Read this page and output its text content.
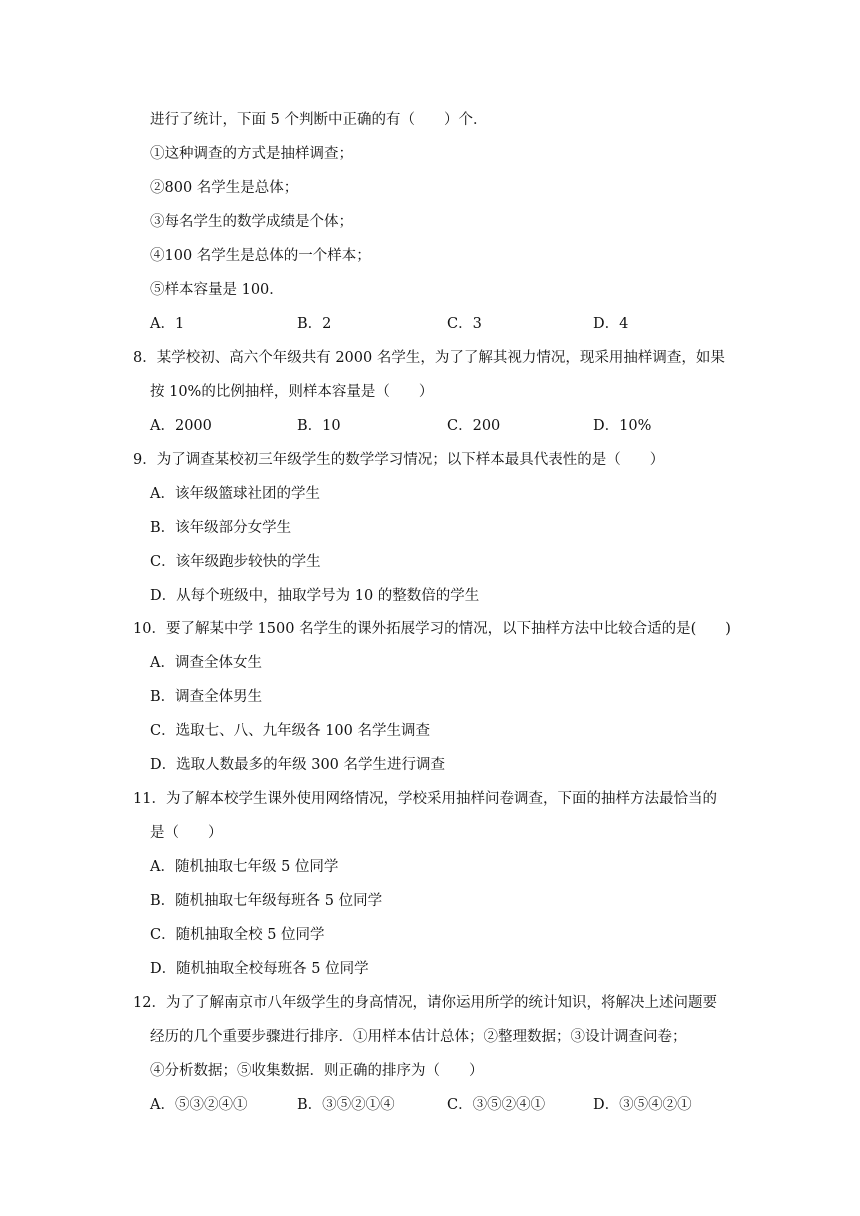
进行了统计，下面 5 个判断中正确的有（　　）个．
①这种调查的方式是抽样调查；
②800 名学生是总体；
③每名学生的数学成绩是个体；
④100 名学生是总体的一个样本；
⑤样本容量是 100．
A．1	B．2	C．3	D．4
8．某学校初、高六个年级共有 2000 名学生，为了了解其视力情况，现采用抽样调查，如果
按 10%的比例抽样，则样本容量是（　　）
A．2000	B．10	C．200	D．10%
9．为了调查某校初三年级学生的数学学习情况；以下样本最具代表性的是（　　）
A．该年级篮球社团的学生
B．该年级部分女学生
C．该年级跑步较快的学生
D．从每个班级中，抽取学号为 10 的整数倍的学生
10．要了解某中学 1500 名学生的课外拓展学习的情况，以下抽样方法中比较合适的是(　　)
A．调查全体女生
B．调查全体男生
C．选取七、八、九年级各 100 名学生调查
D．选取人数最多的年级 300 名学生进行调查
11．为了解本校学生课外使用网络情况，学校采用抽样问卷调查，下面的抽样方法最恰当的
是（　　）
A．随机抽取七年级 5 位同学
B．随机抽取七年级每班各 5 位同学
C．随机抽取全校 5 位同学
D．随机抽取全校每班各 5 位同学
12．为了了解南京市八年级学生的身高情况，请你运用所学的统计知识，将解决上述问题要
经历的几个重要步骤进行排序．①用样本估计总体；②整理数据；③设计调查问卷；
④分析数据；⑤收集数据．则正确的排序为（　　）
A．⑤③②④①	B．③⑤②①④	C．③⑤②④①	D．③⑤④②①
